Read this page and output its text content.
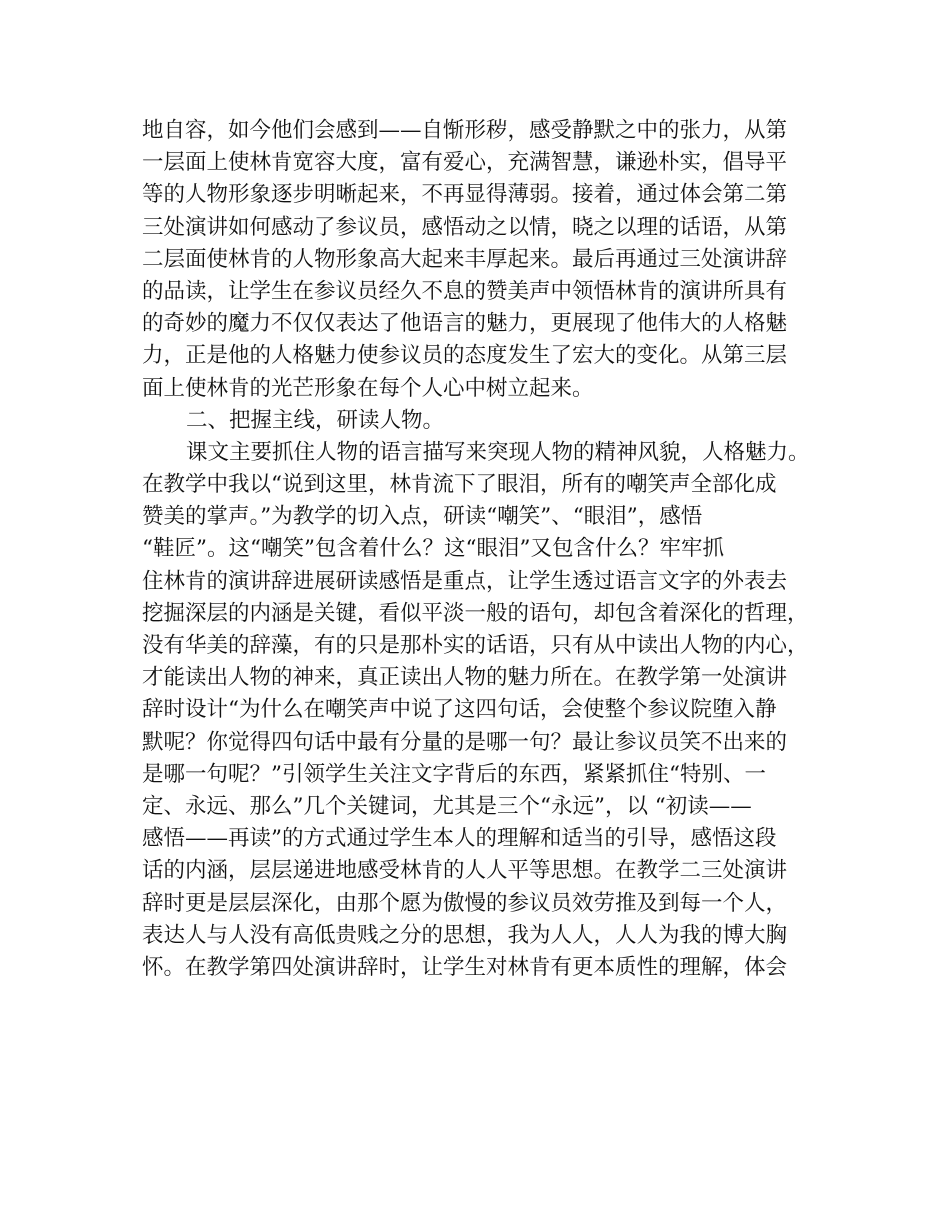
地自容，如今他们会感到——自惭形秽，感受静默之中的张力，从第
一层面上使林肯宽容大度，富有爱心，充满智慧，谦逊朴实，倡导平
等的人物形象逐步明晰起来，不再显得薄弱。接着，通过体会第二第
三处演讲如何感动了参议员，感悟动之以情，晓之以理的话语，从第
二层面使林肯的人物形象高大起来丰厚起来。最后再通过三处演讲辞
的品读，让学生在参议员经久不息的赞美声中领悟林肯的演讲所具有
的奇妙的魔力不仅仅表达了他语言的魅力，更展现了他伟大的人格魅
力，正是他的人格魅力使参议员的态度发生了宏大的变化。从第三层
面上使林肯的光芒形象在每个人心中树立起来。
二、把握主线，研读人物。
课文主要抓住人物的语言描写来突现人物的精神风貌，人格魅力。
在教学中我以“说到这里，林肯流下了眼泪，所有的嘲笑声全部化成
赞美的掌声。”为教学的切入点，研读“嘲笑”、“眼泪”，感悟
“鞋匠”。这“嘲笑”包含着什么？这“眼泪”又包含什么？牢牢抓
住林肯的演讲辞进展研读感悟是重点，让学生透过语言文字的外表去
挖掘深层的内涵是关键，看似平淡一般的语句，却包含着深化的哲理，
没有华美的辞藻，有的只是那朴实的话语，只有从中读出人物的内心，
才能读出人物的神来，真正读出人物的魅力所在。在教学第一处演讲
辞时设计“为什么在嘲笑声中说了这四句话，会使整个参议院堕入静
默呢？你觉得四句话中最有分量的是哪一句？最让参议员笑不出来的
是哪一句呢？”引领学生关注文字背后的东西，紧紧抓住“特别、一
定、永远、那么”几个关键词，尤其是三个“永远”，以 “初读——
感悟——再读”的方式通过学生本人的理解和适当的引导，感悟这段
话的内涵，层层递进地感受林肯的人人平等思想。在教学二三处演讲
辞时更是层层深化，由那个愿为傲慢的参议员效劳推及到每一个人，
表达人与人没有高低贵贱之分的思想，我为人人，人人为我的博大胸
怀。在教学第四处演讲辞时，让学生对林肯有更本质性的理解，体会
